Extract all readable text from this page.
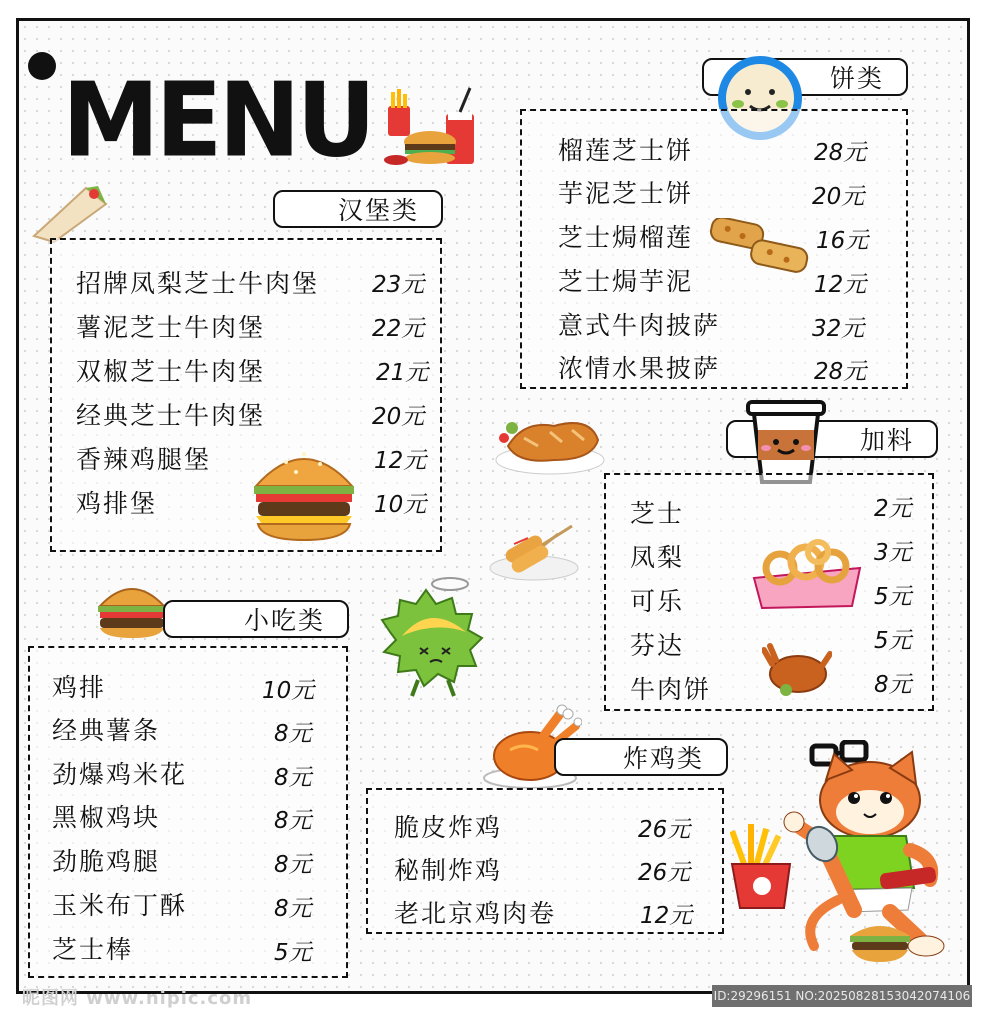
MENU
汉堡类
招牌凤梨芝士牛肉堡 23元
薯泥芝士牛肉堡	22元
双椒芝士牛肉堡	21元
经典芝士牛肉堡	20元
香辣鸡腿堡	12元
鸡排堡	10元
饼类
榴莲芝士饼	28元
芋泥芝士饼	20元
芝士焗榴莲	16元
芝士焗芋泥	12元
意式牛肉披萨	32元
浓情水果披萨	28元
加料
芝士	2元
凤梨	3元
可乐	5元
芬达	5元
牛肉饼	8元
小吃类
鸡排	10元
经典薯条	8元
劲爆鸡米花	8元
黑椒鸡块	8元
劲脆鸡腿	8元
玉米布丁酥	8元
芝士棒	5元
炸鸡类
脆皮炸鸡	26元
秘制炸鸡	26元
老北京鸡肉卷	12元
昵图网 www.nipic.com	ID:29296151 NO:20250828153042074106
